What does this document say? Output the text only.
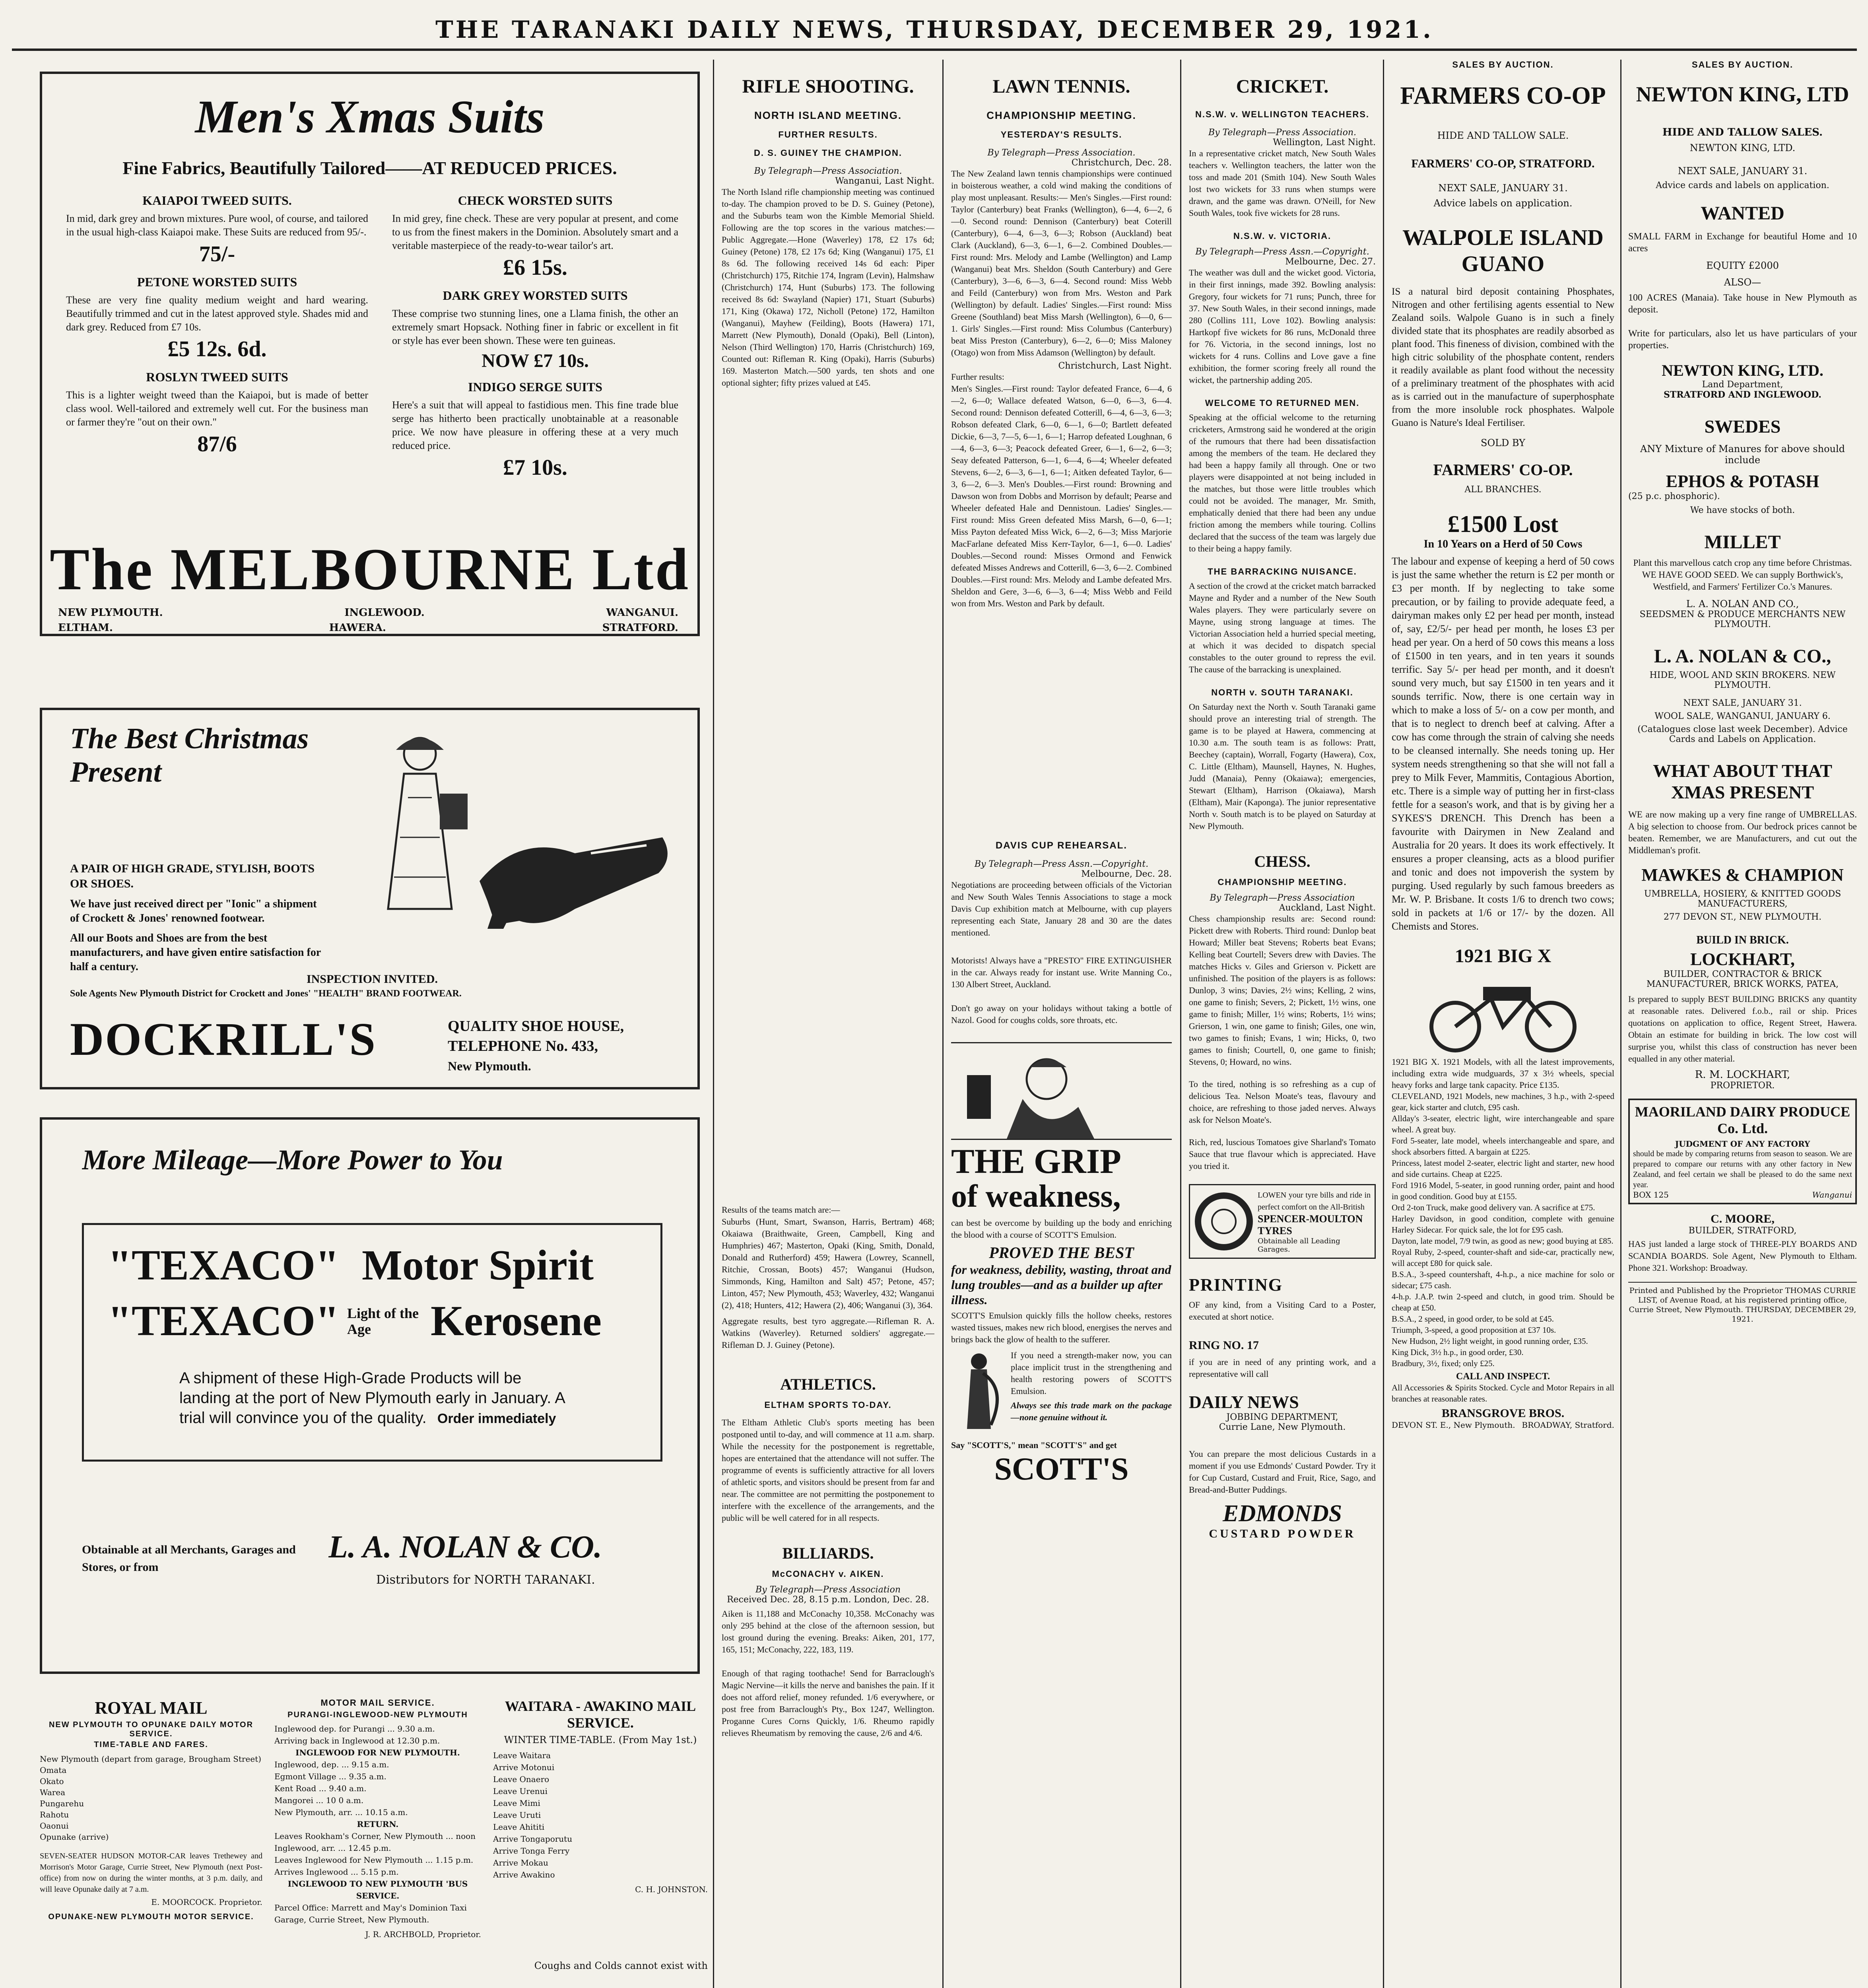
THE TARANAKI DAILY NEWS, THURSDAY, DECEMBER 29, 1921.
Men's Xmas Suits
Fine Fabrics, Beautifully Tailored——AT REDUCED PRICES.
KAIAPOI TWEED SUITS.
In mid, dark grey and brown mixtures. Pure wool, of course, and tailored in the usual high-class Kaiapoi make. These Suits are reduced from 95/-.
75/-
PETONE WORSTED SUITS
These are very fine quality medium weight and hard wearing. Beautifully trimmed and cut in the latest approved style. Shades mid and dark grey. Reduced from £7 10s.
£5 12s. 6d.
ROSLYN TWEED SUITS
This is a lighter weight tweed than the Kaiapoi, but is made of better class wool. Well-tailored and extremely well cut. For the business man or farmer they're "out on their own."
87/6
CHECK WORSTED SUITS
In mid grey, fine check. These are very popular at present, and come to us from the finest makers in the Dominion. Absolutely smart and a veritable masterpiece of the ready-to-wear tailor's art.
£6 15s.
DARK GREY WORSTED SUITS
These comprise two stunning lines, one a Llama finish, the other an extremely smart Hopsack. Nothing finer in fabric or excellent in fit or style has ever been shown. These were ten guineas.
NOW £7 10s.
INDIGO SERGE SUITS
Here's a suit that will appeal to fastidious men. This fine trade blue serge has hitherto been practically unobtainable at a reasonable price. We now have pleasure in offering these at a very much reduced price.
£7 10s.
The MELBOURNE Ltd
NEW PLYMOUTH.	INGLEWOOD.	WANGANUI.
ELTHAM.	HAWERA.	STRATFORD.
The Best Christmas Present
A PAIR OF HIGH GRADE, STYLISH, BOOTS OR SHOES.
We have just received direct per "Ionic" a shipment of Crockett & Jones' renowned footwear.
All our Boots and Shoes are from the best manufacturers, and have given entire satisfaction for half a century.
INSPECTION INVITED.
Sole Agents New Plymouth District for Crockett and Jones' "HEALTH" BRAND FOOTWEAR.
DOCKRILL'S	QUALITY SHOE HOUSE,
TELEPHONE No. 433,
New Plymouth.
More Mileage—More Power to You
"TEXACO" Motor Spirit
"TEXACO" Light of the Age	Kerosene
A shipment of these High-Grade Products will be landing at the port of New Plymouth early in January. A trial will convince you of the quality. Order immediately
Obtainable at all Merchants, Garages and Stores, or from
L. A. NOLAN & CO.
Distributors for NORTH TARANAKI.
ROYAL MAIL
NEW PLYMOUTH TO OPUNAKE DAILY MOTOR SERVICE.
TIME-TABLE AND FARES.
New Plymouth (depart from garage, Brougham Street)
Omata
Okato
Warea
Pungarehu
Rahotu
Oaonui
Opunake (arrive)
SEVEN-SEATER HUDSON MOTOR-CAR leaves Trethewey and Morrison's Motor Garage, Currie Street, New Plymouth (next Post-office) from now on during the winter months, at 3 p.m. daily, and will leave Opunake daily at 7 a.m.
E. MOORCOCK. Proprietor.
OPUNAKE-NEW PLYMOUTH MOTOR SERVICE.
MOTOR MAIL SERVICE.
PURANGI-INGLEWOOD-NEW PLYMOUTH
Inglewood dep. for Purangi ... 9.30 a.m.
Arriving back in Inglewood at 12.30 p.m.
INGLEWOOD FOR NEW PLYMOUTH.
Inglewood, dep. ... 9.15 a.m.
Egmont Village ... 9.35 a.m.
Kent Road ... 9.40 a.m.
Mangorei ... 10 0 a.m.
New Plymouth, arr. ... 10.15 a.m.
RETURN.
Leaves Rookham's Corner, New Plymouth ... noon
Inglewood, arr. ... 12.45 p.m.
Leaves Inglewood for New Plymouth ... 1.15 p.m.
Arrives Inglewood ... 5.15 p.m.
INGLEWOOD TO NEW PLYMOUTH 'BUS SERVICE.
Parcel Office: Marrett and May's Dominion Taxi Garage, Currie Street, New Plymouth.
J. R. ARCHBOLD, Proprietor.
WAITARA - AWAKINO MAIL SERVICE.
WINTER TIME-TABLE. (From May 1st.)
Leave Waitara
Arrive Motonui
Leave Onaero
Leave Urenui
Leave Mimi
Leave Uruti
Leave Ahititi
Arrive Tongaporutu
Arrive Tonga Ferry
Arrive Mokau
Arrive Awakino
C. H. JOHNSTON.
Coughs and Colds cannot exist with
RIFLE SHOOTING.
NORTH ISLAND MEETING.
FURTHER RESULTS.
D. S. GUINEY THE CHAMPION.
By Telegraph—Press Association.
Wanganui, Last Night.
The North Island rifle championship meeting was continued to-day. The champion proved to be D. S. Guiney (Petone), and the Suburbs team won the Kimble Memorial Shield. Following are the top scores in the various matches:— Public Aggregate.—Hone (Waverley) 178, £2 17s 6d; Guiney (Petone) 178, £2 17s 6d; King (Wanganui) 175, £1 8s 6d. The following received 14s 6d each: Piper (Christchurch) 175, Ritchie 174, Ingram (Levin), Halmshaw (Christchurch) 174, Hunt (Suburbs) 173. The following received 8s 6d: Swayland (Napier) 171, Stuart (Suburbs) 171, King (Okawa) 172, Nicholl (Petone) 172, Hamilton (Wanganui), Mayhew (Feilding), Boots (Hawera) 171, Marrett (New Plymouth), Donald (Opaki), Bell (Linton), Nelson (Third Wellington) 170, Harris (Christchurch) 169, Counted out: Rifleman R. King (Opaki), Harris (Suburbs) 169. Masterton Match.—500 yards, ten shots and one optional sighter; fifty prizes valued at £45.
Results of the teams match are:—
Suburbs (Hunt, Smart, Swanson, Harris, Bertram) 468; Okaiawa (Braithwaite, Green, Campbell, King and Humphries) 467; Masterton, Opaki (King, Smith, Donald, Donald and Rutherford) 459; Hawera (Lowrey, Scannell, Ritchie, Crossan, Boots) 457; Wanganui (Hudson, Simmonds, King, Hamilton and Salt) 457; Petone, 457; Linton, 457; New Plymouth, 453; Waverley, 432; Wanganui (2), 418; Hunters, 412; Hawera (2), 406; Wanganui (3), 364.
Aggregate results, best tyro aggregate.—Rifleman R. A. Watkins (Waverley). Returned soldiers' aggregate.—Rifleman D. J. Guiney (Petone).
ATHLETICS.
ELTHAM SPORTS TO-DAY.
The Eltham Athletic Club's sports meeting has been postponed until to-day, and will commence at 11 a.m. sharp. While the necessity for the postponement is regrettable, hopes are entertained that the attendance will not suffer. The programme of events is sufficiently attractive for all lovers of athletic sports, and visitors should be present from far and near. The committee are not permitting the postponement to interfere with the excellence of the arrangements, and the public will be well catered for in all respects.
BILLIARDS.
McCONACHY v. AIKEN.
By Telegraph—Press Association
Received Dec. 28, 8.15 p.m. London, Dec. 28.
Aiken is 11,188 and McConachy 10,358. McConachy was only 295 behind at the close of the afternoon session, but lost ground during the evening. Breaks: Aiken, 201, 177, 165, 151; McConachy, 222, 183, 119.
Enough of that raging toothache! Send for Barraclough's Magic Nervine—it kills the nerve and banishes the pain. If it does not afford relief, money refunded. 1/6 everywhere, or post free from Barraclough's Pty., Box 1247, Wellington. Proganne Cures Corns Quickly, 1/6. Rheumo rapidly relieves Rheumatism by removing the cause, 2/6 and 4/6.
LAWN TENNIS.
CHAMPIONSHIP MEETING.
YESTERDAY'S RESULTS.
By Telegraph—Press Association.
Christchurch, Dec. 28.
The New Zealand lawn tennis championships were continued in boisterous weather, a cold wind making the conditions of play most unpleasant. Results:— Men's Singles.—First round: Taylor (Canterbury) beat Franks (Wellington), 6—4, 6—2, 6—0. Second round: Dennison (Canterbury) beat Coterill (Canterbury), 6—4, 6—3, 6—3; Robson (Auckland) beat Clark (Auckland), 6—3, 6—1, 6—2. Combined Doubles.—First round: Mrs. Melody and Lambe (Wellington) and Lamp (Wanganui) beat Mrs. Sheldon (South Canterbury) and Gere (Canterbury), 3—6, 6—3, 6—4. Second round: Miss Webb and Feild (Canterbury) won from Mrs. Weston and Park (Wellington) by default. Ladies' Singles.—First round: Miss Greene (Southland) beat Miss Marsh (Wellington), 6—0, 6—1. Girls' Singles.—First round: Miss Columbus (Canterbury) beat Miss Preston (Canterbury), 6—2, 6—0; Miss Maloney (Otago) won from Miss Adamson (Wellington) by default.
Christchurch, Last Night.
Further results:
Men's Singles.—First round: Taylor defeated France, 6—4, 6—2, 6—0; Wallace defeated Watson, 6—0, 6—3, 6—4. Second round: Dennison defeated Cotterill, 6—4, 6—3, 6—3; Robson defeated Clark, 6—0, 6—1, 6—0; Bartlett defeated Dickie, 6—3, 7—5, 6—1, 6—1; Harrop defeated Loughnan, 6—4, 6—3, 6—3; Peacock defeated Greer, 6—1, 6—2, 6—3; Seay defeated Patterson, 6—1, 6—4, 6—4; Wheeler defeated Stevens, 6—2, 6—3, 6—1, 6—1; Aitken defeated Taylor, 6—3, 6—2, 6—3. Men's Doubles.—First round: Browning and Dawson won from Dobbs and Morrison by default; Pearse and Wheeler defeated Hale and Dennistoun. Ladies' Singles.—First round: Miss Green defeated Miss Marsh, 6—0, 6—1; Miss Payton defeated Miss Wick, 6—2, 6—3; Miss Marjorie MacFarlane defeated Miss Kerr-Taylor, 6—1, 6—0. Ladies' Doubles.—Second round: Misses Ormond and Fenwick defeated Misses Andrews and Cotterill, 6—3, 6—2. Combined Doubles.—First round: Mrs. Melody and Lambe defeated Mrs. Sheldon and Gere, 3—6, 6—3, 6—4; Miss Webb and Feild won from Mrs. Weston and Park by default.
DAVIS CUP REHEARSAL.
By Telegraph—Press Assn.—Copyright.
Melbourne, Dec. 28.
Negotiations are proceeding between officials of the Victorian and New South Wales Tennis Associations to stage a mock Davis Cup exhibition match at Melbourne, with cup players representing each State, January 28 and 30 are the dates mentioned.
Motorists! Always have a "PRESTO" FIRE EXTINGUISHER in the car. Always ready for instant use. Write Manning Co., 130 Albert Street, Auckland.
Don't go away on your holidays without taking a bottle of Nazol. Good for coughs colds, sore throats, etc.
THE GRIP
of weakness,
can best be overcome by building up the body and enriching the blood with a course of SCOTT'S Emulsion.
PROVED THE BEST
for weakness, debility, wasting, throat and lung troubles—and as a builder up after illness.
SCOTT'S Emulsion quickly fills the hollow cheeks, restores wasted tissues, makes new rich blood, energises the nerves and brings back the glow of health to the sufferer.
If you need a strength-maker now, you can place implicit trust in the strengthening and health restoring powers of SCOTT'S Emulsion.
Always see this trade mark on the package—none genuine without it.
Say "SCOTT'S," mean "SCOTT'S" and get
SCOTT'S
CRICKET.
N.S.W. v. WELLINGTON TEACHERS.
By Telegraph—Press Association.
Wellington, Last Night.
In a representative cricket match, New South Wales teachers v. Wellington teachers, the latter won the toss and made 201 (Smith 104). New South Wales lost two wickets for 33 runs when stumps were drawn, and the game was drawn. O'Neill, for New South Wales, took five wickets for 28 runs.
N.S.W. v. VICTORIA.
By Telegraph—Press Assn.—Copyright.
Melbourne, Dec. 27.
The weather was dull and the wicket good. Victoria, in their first innings, made 392. Bowling analysis: Gregory, four wickets for 71 runs; Punch, three for 37. New South Wales, in their second innings, made 280 (Collins 111, Love 102). Bowling analysis: Hartkopf five wickets for 86 runs, McDonald three for 76. Victoria, in the second innings, lost no wickets for 4 runs. Collins and Love gave a fine exhibition, the former scoring freely all round the wicket, the partnership adding 205.
WELCOME TO RETURNED MEN.
Speaking at the official welcome to the returning cricketers, Armstrong said he wondered at the origin of the rumours that there had been dissatisfaction among the members of the team. He declared they had been a happy family all through. One or two players were disappointed at not being included in the matches, but those were little troubles which could not be avoided. The manager, Mr. Smith, emphatically denied that there had been any undue friction among the members while touring. Collins declared that the success of the team was largely due to their being a happy family.
THE BARRACKING NUISANCE.
A section of the crowd at the cricket match barracked Mayne and Ryder and a number of the New South Wales players. They were particularly severe on Mayne, using strong language at times. The Victorian Association held a hurried special meeting, at which it was decided to dispatch special constables to the outer ground to repress the evil. The cause of the barracking is unexplained.
NORTH v. SOUTH TARANAKI.
On Saturday next the North v. South Taranaki game should prove an interesting trial of strength. The game is to be played at Hawera, commencing at 10.30 a.m. The south team is as follows: Pratt, Beechey (captain), Worrall, Fogarty (Hawera), Cox, C. Little (Eltham), Maunsell, Haynes, N. Hughes, Judd (Manaia), Penny (Okaiawa); emergencies, Stewart (Eltham), Harrison (Okaiawa), Marsh (Eltham), Mair (Kaponga). The junior representative North v. South match is to be played on Saturday at New Plymouth.
CHESS.
CHAMPIONSHIP MEETING.
By Telegraph—Press Association
Auckland, Last Night.
Chess championship results are: Second round: Pickett drew with Roberts. Third round: Dunlop beat Howard; Miller beat Stevens; Roberts beat Evans; Kelling beat Courtell; Severs drew with Davies. The matches Hicks v. Giles and Grierson v. Pickett are unfinished. The position of the players is as follows: Dunlop, 3 wins; Davies, 2½ wins; Kelling, 2 wins, one game to finish; Severs, 2; Pickett, 1½ wins, one game to finish; Miller, 1½ wins; Roberts, 1½ wins; Grierson, 1 win, one game to finish; Giles, one win, two games to finish; Evans, 1 win; Hicks, 0, two games to finish; Courtell, 0, one game to finish; Stevens, 0; Howard, no wins.
To the tired, nothing is so refreshing as a cup of delicious Tea. Nelson Moate's teas, flavoury and choice, are refreshing to those jaded nerves. Always ask for Nelson Moate's.
Rich, red, luscious Tomatoes give Sharland's Tomato Sauce that true flavour which is appreciated. Have you tried it.
LOWEN your tyre bills and ride in perfect comfort on the All-British
SPENCER-MOULTON TYRES
Obtainable all Leading Garages.
PRINTING
OF any kind, from a Visiting Card to a Poster, executed at short notice.
RING NO. 17
if you are in need of any printing work, and a representative will call
DAILY NEWS
JOBBING DEPARTMENT,
Currie Lane, New Plymouth.
You can prepare the most delicious Custards in a moment if you use Edmonds' Custard Powder. Try it for Cup Custard, Custard and Fruit, Rice, Sago, and Bread-and-Butter Puddings.
EDMONDS
CUSTARD POWDER
SALES BY AUCTION.
FARMERS CO-OP
HIDE AND TALLOW SALE.
FARMERS' CO-OP, STRATFORD.
NEXT SALE, JANUARY 31.
Advice labels on application.
WALPOLE ISLAND GUANO
IS a natural bird deposit containing Phosphates, Nitrogen and other fertilising agents essential to New Zealand soils. Walpole Guano is in such a finely divided state that its phosphates are readily absorbed as plant food. This fineness of division, combined with the high citric solubility of the phosphate content, renders it readily available as plant food without the necessity of a preliminary treatment of the phosphates with acid as is carried out in the manufacture of superphosphate from the more insoluble rock phosphates. Walpole Guano is Nature's Ideal Fertiliser.
SOLD BY
FARMERS' CO-OP.
ALL BRANCHES.
£1500 Lost
In 10 Years on a Herd of 50 Cows
The labour and expense of keeping a herd of 50 cows is just the same whether the return is £2 per month or £3 per month. If by neglecting to take some precaution, or by failing to provide adequate feed, a dairyman makes only £2 per head per month, instead of, say, £2/5/- per head per month, he loses £3 per head per year. On a herd of 50 cows this means a loss of £1500 in ten years, and in ten years it sounds terrific. Say 5/- per head per month, and it doesn't sound very much, but say £1500 in ten years and it sounds terrific. Now, there is one certain way in which to make a loss of 5/- on a cow per month, and that is to neglect to drench beef at calving. After a cow has come through the strain of calving she needs to be cleansed internally. She needs toning up. Her system needs strengthening so that she will not fall a prey to Milk Fever, Mammitis, Contagious Abortion, etc. There is a simple way of putting her in first-class fettle for a season's work, and that is by giving her a SYKES'S DRENCH. This Drench has been a favourite with Dairymen in New Zealand and Australia for 20 years. It does its work effectively. It ensures a proper cleansing, acts as a blood purifier and tonic and does not impoverish the system by purging. Used regularly by such famous breeders as Mr. W. P. Brisbane. It costs 1/6 to drench two cows; sold in packets at 1/6 or 17/- by the dozen. All Chemists and Stores.
1921 BIG X
1921 BIG X. 1921 Models, with all the latest improvements, including extra wide mudguards, 37 x 3½ wheels, special heavy forks and large tank capacity. Price £135.
CLEVELAND, 1921 Models, new machines, 3 h.p., with 2-speed gear, kick starter and clutch, £95 cash.
Allday's 3-seater, electric light, wire interchangeable and spare wheel. A great buy.
Ford 5-seater, late model, wheels interchangeable and spare, and shock absorbers fitted. A bargain at £225.
Princess, latest model 2-seater, electric light and starter, new hood and side curtains. Cheap at £225.
Ford 1916 Model, 5-seater, in good running order, paint and hood in good condition. Good buy at £155.
Ord 2-ton Truck, make good delivery van. A sacrifice at £75.
Harley Davidson, in good condition, complete with genuine Harley Sidecar. For quick sale, the lot for £95 cash.
Dayton, late model, 7/9 twin, as good as new; good buying at £85.
Royal Ruby, 2-speed, counter-shaft and side-car, practically new, will accept £80 for quick sale.
B.S.A., 3-speed countershaft, 4-h.p., a nice machine for solo or sidecar; £75 cash.
4-h.p. J.A.P. twin 2-speed and clutch, in good trim. Should be cheap at £50.
B.S.A., 2 speed, in good order, to be sold at £45.
Triumph, 3-speed, a good proposition at £37 10s.
New Hudson, 2½ light weight, in good running order, £35.
King Dick, 3½ h.p., in good order, £30.
Bradbury, 3½, fixed; only £25.
CALL AND INSPECT.
All Accessories & Spirits Stocked. Cycle and Motor Repairs in all branches at reasonable rates.
BRANSGROVE BROS.
DEVON ST. E., New Plymouth. BROADWAY, Stratford.
SALES BY AUCTION.
NEWTON KING, LTD
HIDE AND TALLOW SALES.
NEWTON KING, LTD.
NEXT SALE, JANUARY 31.
Advice cards and labels on application.
WANTED
SMALL FARM in Exchange for beautiful Home and 10 acres
EQUITY £2000
ALSO—
100 ACRES (Manaia). Take house in New Plymouth as deposit.
Write for particulars, also let us have particulars of your properties.
NEWTON KING, LTD.
Land Department,
STRATFORD AND INGLEWOOD.
SWEDES
ANY Mixture of Manures for above should include
EPHOS & POTASH
(25 p.c. phosphoric).
We have stocks of both.
MILLET
Plant this marvellous catch crop any time before Christmas. WE HAVE GOOD SEED. We can supply Borthwick's, Westfield, and Farmers' Fertilizer Co.'s Manures.
L. A. NOLAN AND CO.,
SEEDSMEN & PRODUCE MERCHANTS NEW PLYMOUTH.
L. A. NOLAN & CO.,
HIDE, WOOL AND SKIN BROKERS. NEW PLYMOUTH.
NEXT SALE, JANUARY 31.
WOOL SALE, WANGANUI, JANUARY 6.
(Catalogues close last week December). Advice Cards and Labels on Application.
WHAT ABOUT THAT XMAS PRESENT
WE are now making up a very fine range of UMBRELLAS. A big selection to choose from. Our bedrock prices cannot be beaten. Remember, we are Manufacturers, and cut out the Middleman's profit.
MAWKES & CHAMPION
UMBRELLA, HOSIERY, & KNITTED GOODS MANUFACTURERS,
277 DEVON ST., NEW PLYMOUTH.
BUILD IN BRICK.
LOCKHART,
BUILDER, CONTRACTOR & BRICK MANUFACTURER, BRICK WORKS, PATEA,
Is prepared to supply BEST BUILDING BRICKS any quantity at reasonable rates. Delivered f.o.b., rail or ship. Prices quotations on application to office, Regent Street, Hawera. Obtain an estimate for building in brick. The low cost will surprise you, whilst this class of construction has never been equalled in any other material.
R. M. LOCKHART,
PROPRIETOR.
MAORILAND DAIRY PRODUCE Co. Ltd.
JUDGMENT OF ANY FACTORY
should be made by comparing returns from season to season. We are prepared to compare our returns with any other factory in New Zealand, and feel certain we shall be pleased to do the same next year.
BOX 125	Wanganui
C. MOORE,
BUILDER, STRATFORD,
HAS just landed a large stock of THREE-PLY BOARDS AND SCANDIA BOARDS. Sole Agent, New Plymouth to Eltham. Phone 321. Workshop: Broadway.
Printed and Published by the Proprietor THOMAS CURRIE LIST, of Avenue Road, at his registered printing office, Currie Street, New Plymouth. THURSDAY, DECEMBER 29, 1921.
